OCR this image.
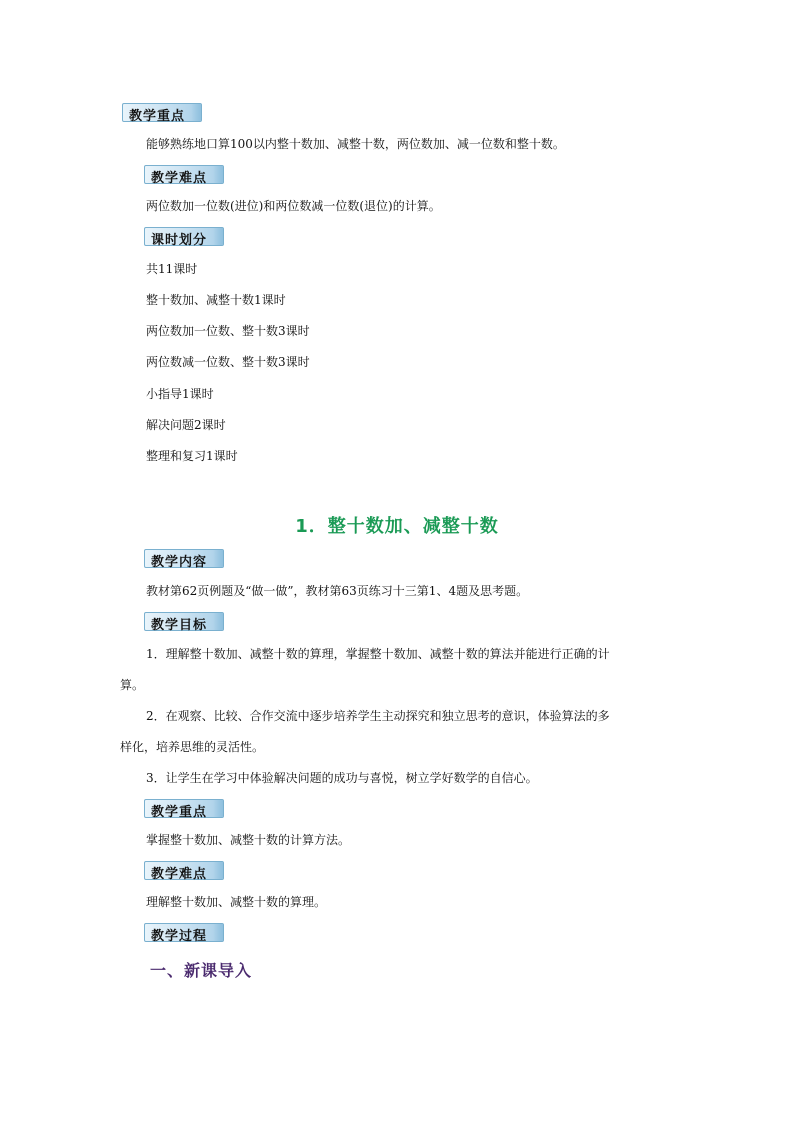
教学重点
能够熟练地口算100以内整十数加、减整十数，两位数加、减一位数和整十数。
教学难点
两位数加一位数(进位)和两位数减一位数(退位)的计算。
课时划分
共11课时
整十数加、减整十数1课时
两位数加一位数、整十数3课时
两位数减一位数、整十数3课时
小指导1课时
解决问题2课时
整理和复习1课时
1．整十数加、减整十数
教学内容
教材第62页例题及“做一做”，教材第63页练习十三第1、4题及思考题。
教学目标
1．理解整十数加、减整十数的算理，掌握整十数加、减整十数的算法并能进行正确的计
算。
2．在观察、比较、合作交流中逐步培养学生主动探究和独立思考的意识，体验算法的多
样化，培养思维的灵活性。
3．让学生在学习中体验解决问题的成功与喜悦，树立学好数学的自信心。
教学重点
掌握整十数加、减整十数的计算方法。
教学难点
理解整十数加、减整十数的算理。
教学过程
一、新课导入
